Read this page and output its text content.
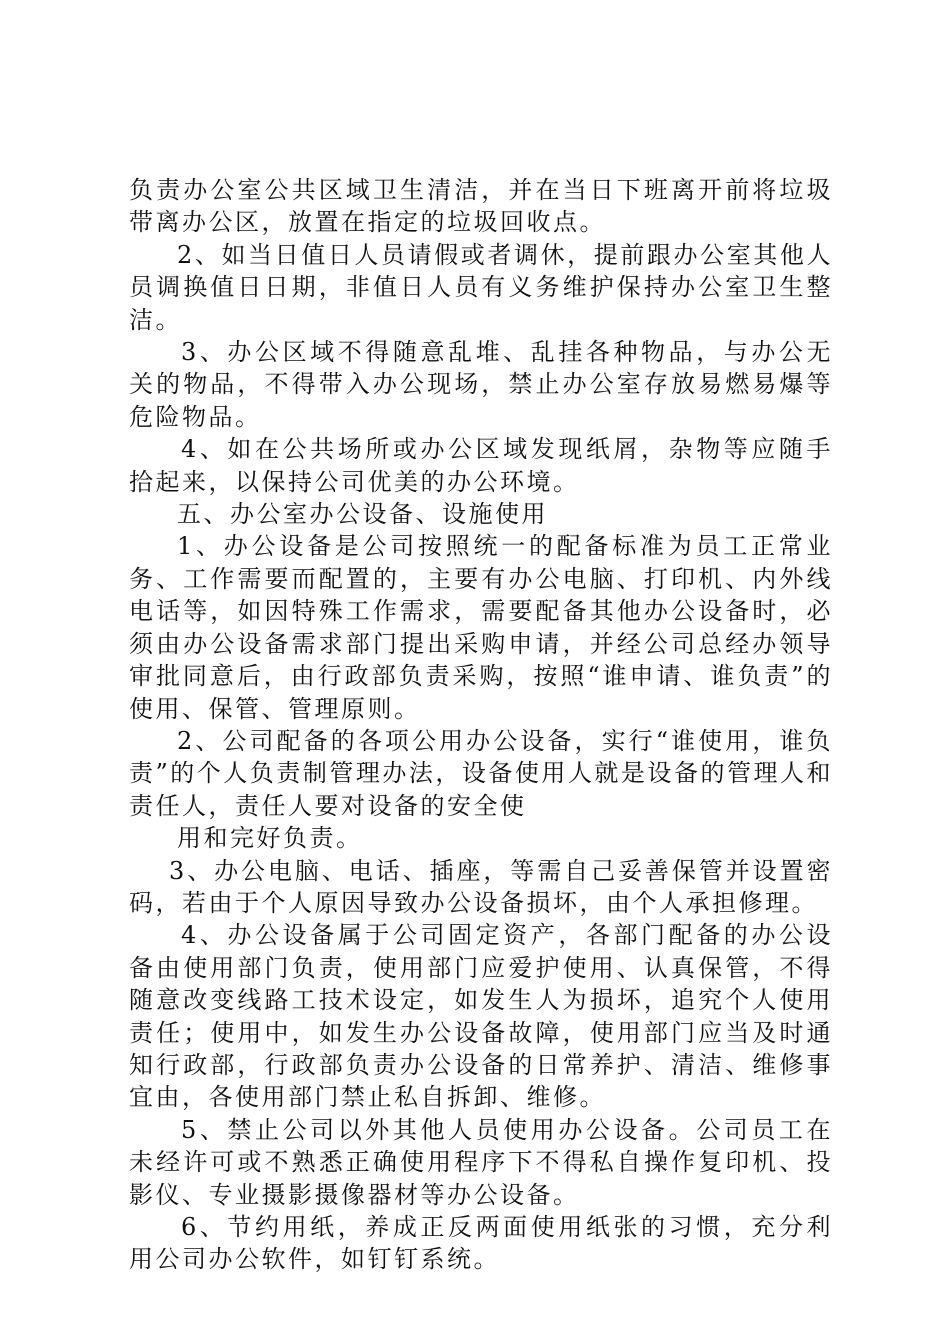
负责办公室公共区域卫生清洁，并在当日下班离开前将垃圾带离办公区，放置在指定的垃圾回收点。

2、如当日值日人员请假或者调休，提前跟办公室其他人员调换值日日期，非值日人员有义务维护保持办公室卫生整洁。

3、办公区域不得随意乱堆、乱挂各种物品，与办公无关的物品，不得带入办公现场，禁止办公室存放易燃易爆等危险物品。

4、如在公共场所或办公区域发现纸屑，杂物等应随手拾起来，以保持公司优美的办公环境。

五、办公室办公设备、设施使用

1、办公设备是公司按照统一的配备标准为员工正常业务、工作需要而配置的，主要有办公电脑、打印机、内外线电话等，如因特殊工作需求，需要配备其他办公设备时，必须由办公设备需求部门提出采购申请，并经公司总经办领导审批同意后，由行政部负责采购，按照“谁申请、谁负责”的使用、保管、管理原则。

2、公司配备的各项公用办公设备，实行“谁使用，谁负责”的个人负责制管理办法，设备使用人就是设备的管理人和责任人，责任人要对设备的安全使

用和完好负责。

3、办公电脑、电话、插座，等需自己妥善保管并设置密码，若由于个人原因导致办公设备损坏，由个人承担修理。

4、办公设备属于公司固定资产，各部门配备的办公设备由使用部门负责，使用部门应爱护使用、认真保管，不得随意改变线路工技术设定，如发生人为损坏，追究个人使用责任；使用中，如发生办公设备故障，使用部门应当及时通知行政部，行政部负责办公设备的日常养护、清洁、维修事宜由，各使用部门禁止私自拆卸、维修。

5、禁止公司以外其他人员使用办公设备。公司员工在未经许可或不熟悉正确使用程序下不得私自操作复印机、投影仪、专业摄影摄像器材等办公设备。

6、节约用纸，养成正反两面使用纸张的习惯，充分利用公司办公软件，如钉钉系统。
